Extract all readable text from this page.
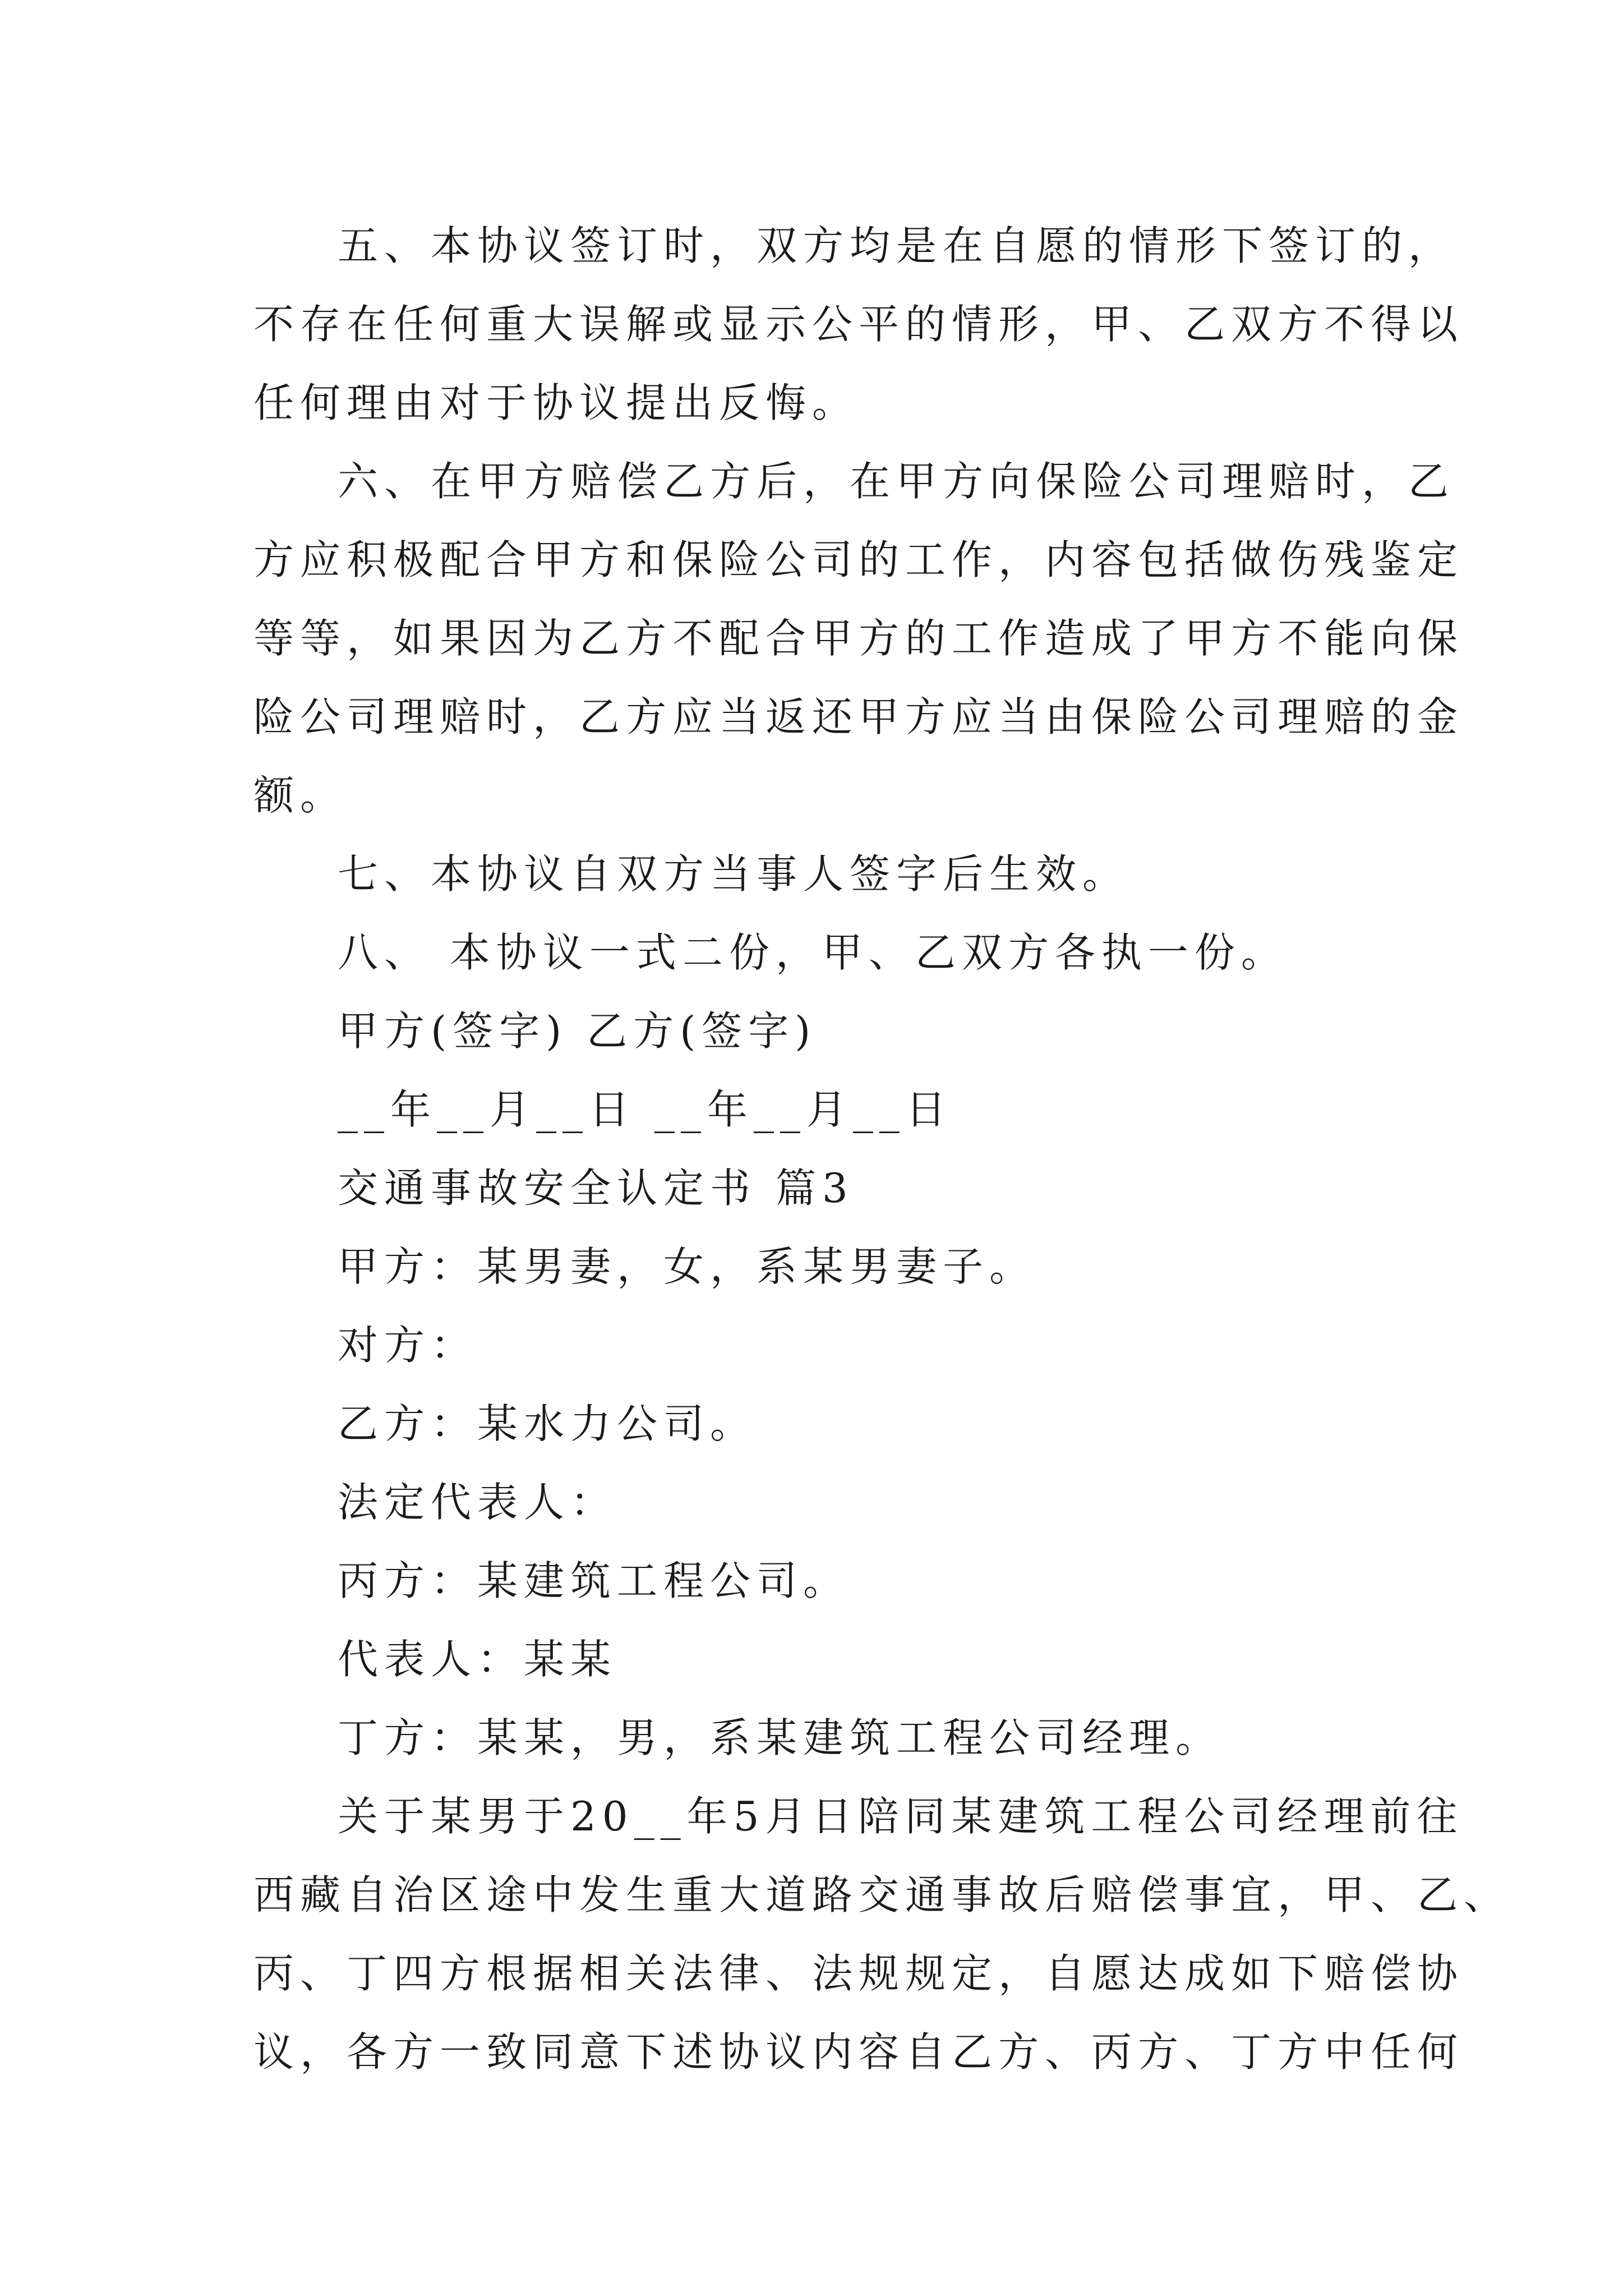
五、本协议签订时，双方均是在自愿的情形下签订的，
不存在任何重大误解或显示公平的情形，甲、乙双方不得以
任何理由对于协议提出反悔。
六、在甲方赔偿乙方后，在甲方向保险公司理赔时，乙
方应积极配合甲方和保险公司的工作，内容包括做伤残鉴定
等等，如果因为乙方不配合甲方的工作造成了甲方不能向保
险公司理赔时，乙方应当返还甲方应当由保险公司理赔的金
额。
七、本协议自双方当事人签字后生效。
八、 本协议一式二份，甲、乙双方各执一份。
甲方(签字) 乙方(签字)
__年__月__日 __年__月__日
交通事故安全认定书 篇3
甲方：某男妻，女，系某男妻子。
对方：
乙方：某水力公司。
法定代表人：
丙方：某建筑工程公司。
代表人：某某
丁方：某某，男，系某建筑工程公司经理。
关于某男于20__年5月日陪同某建筑工程公司经理前往
西藏自治区途中发生重大道路交通事故后赔偿事宜，甲、乙、
丙、丁四方根据相关法律、法规规定，自愿达成如下赔偿协
议，各方一致同意下述协议内容自乙方、丙方、丁方中任何
